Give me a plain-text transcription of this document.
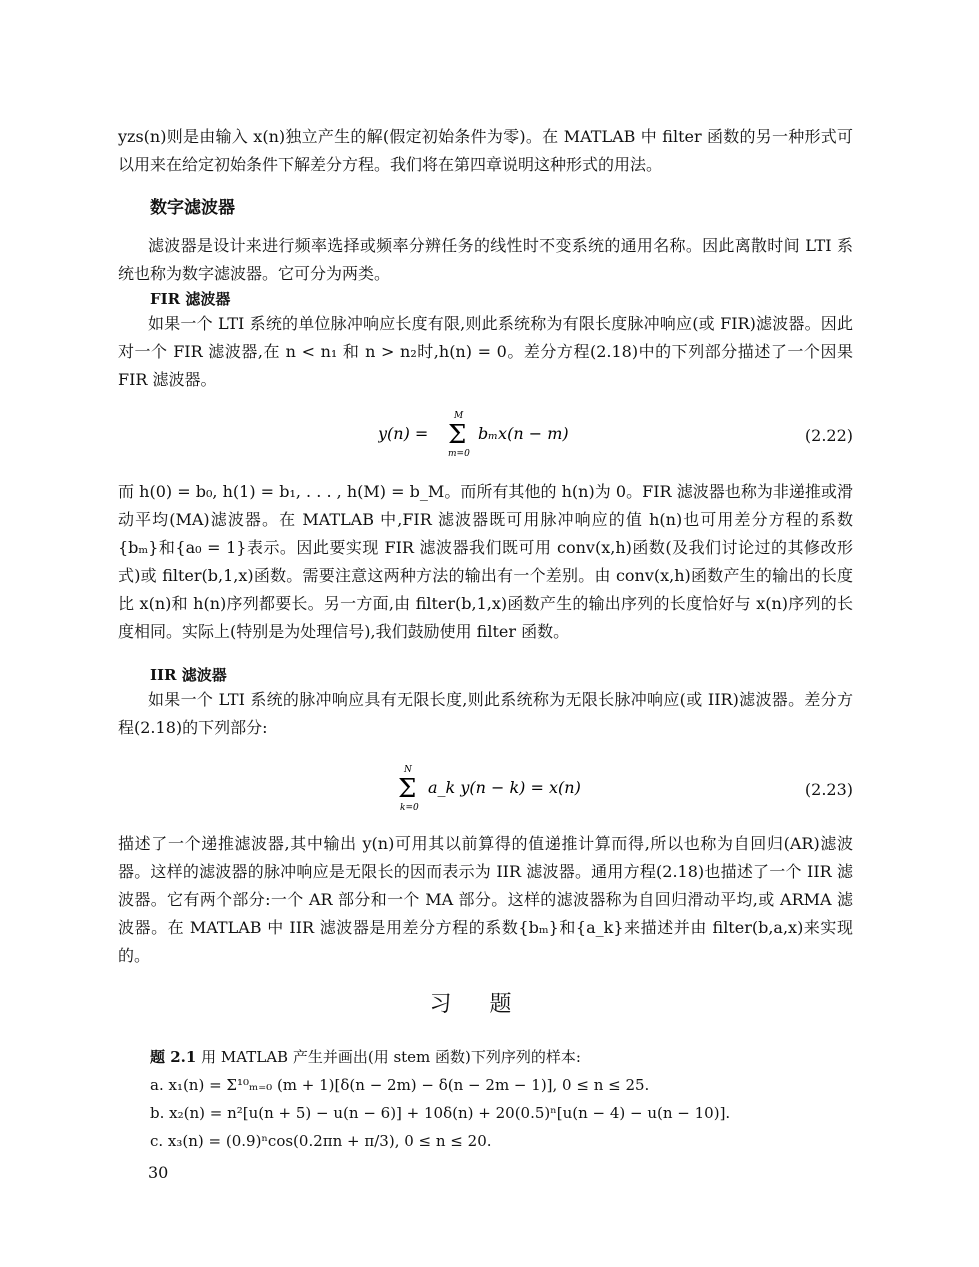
yzs(n)则是由输入 x(n)独立产生的解(假定初始条件为零)。在 MATLAB 中 filter 函数的另一种形式可以用来在给定初始条件下解差分方程。我们将在第四章说明这种形式的用法。

数字滤波器

滤波器是设计来进行频率选择或频率分辨任务的线性时不变系统的通用名称。因此离散时间 LTI 系统也称为数字滤波器。它可分为两类。

FIR 滤波器

如果一个 LTI 系统的单位脉冲响应长度有限,则此系统称为有限长度脉冲响应(或 FIR)滤波器。因此对一个 FIR 滤波器,在 n < n₁ 和 n > n₂时,h(n) = 0。差分方程(2.18)中的下列部分描述了一个因果 FIR 滤波器。

y(n) = Σ
M
m=0
bₘx(n − m)	(2.22)

而 h(0) = b₀, h(1) = b₁, . . . , h(M) = b_M。而所有其他的 h(n)为 0。FIR 滤波器也称为非递推或滑动平均(MA)滤波器。在 MATLAB 中,FIR 滤波器既可用脉冲响应的值 h(n)也可用差分方程的系数{bₘ}和{a₀ = 1}表示。因此要实现 FIR 滤波器我们既可用 conv(x,h)函数(及我们讨论过的其修改形式)或 filter(b,1,x)函数。需要注意这两种方法的输出有一个差别。由 conv(x,h)函数产生的输出的长度比 x(n)和 h(n)序列都要长。另一方面,由 filter(b,1,x)函数产生的输出序列的长度恰好与 x(n)序列的长度相同。实际上(特别是为处理信号),我们鼓励使用 filter 函数。

IIR 滤波器

如果一个 LTI 系统的脉冲响应具有无限长度,则此系统称为无限长脉冲响应(或 IIR)滤波器。差分方程(2.18)的下列部分:

Σ
N
k=0
a_k y(n − k) = x(n)	(2.23)

描述了一个递推滤波器,其中输出 y(n)可用其以前算得的值递推计算而得,所以也称为自回归(AR)滤波器。这样的滤波器的脉冲响应是无限长的因而表示为 IIR 滤波器。通用方程(2.18)也描述了一个 IIR 滤波器。它有两个部分:一个 AR 部分和一个 MA 部分。这样的滤波器称为自回归滑动平均,或 ARMA 滤波器。在 MATLAB 中 IIR 滤波器是用差分方程的系数{bₘ}和{a_k}来描述并由 filter(b,a,x)来实现的。

习题

题 2.1 用 MATLAB 产生并画出(用 stem 函数)下列序列的样本:

a. x₁(n) = Σ¹⁰ₘ₌₀ (m + 1)[δ(n − 2m) − δ(n − 2m − 1)], 0 ≤ n ≤ 25.

b. x₂(n) = n²[u(n + 5) − u(n − 6)] + 10δ(n) + 20(0.5)ⁿ[u(n − 4) − u(n − 10)].

c. x₃(n) = (0.9)ⁿcos(0.2πn + π/3), 0 ≤ n ≤ 20.

30
